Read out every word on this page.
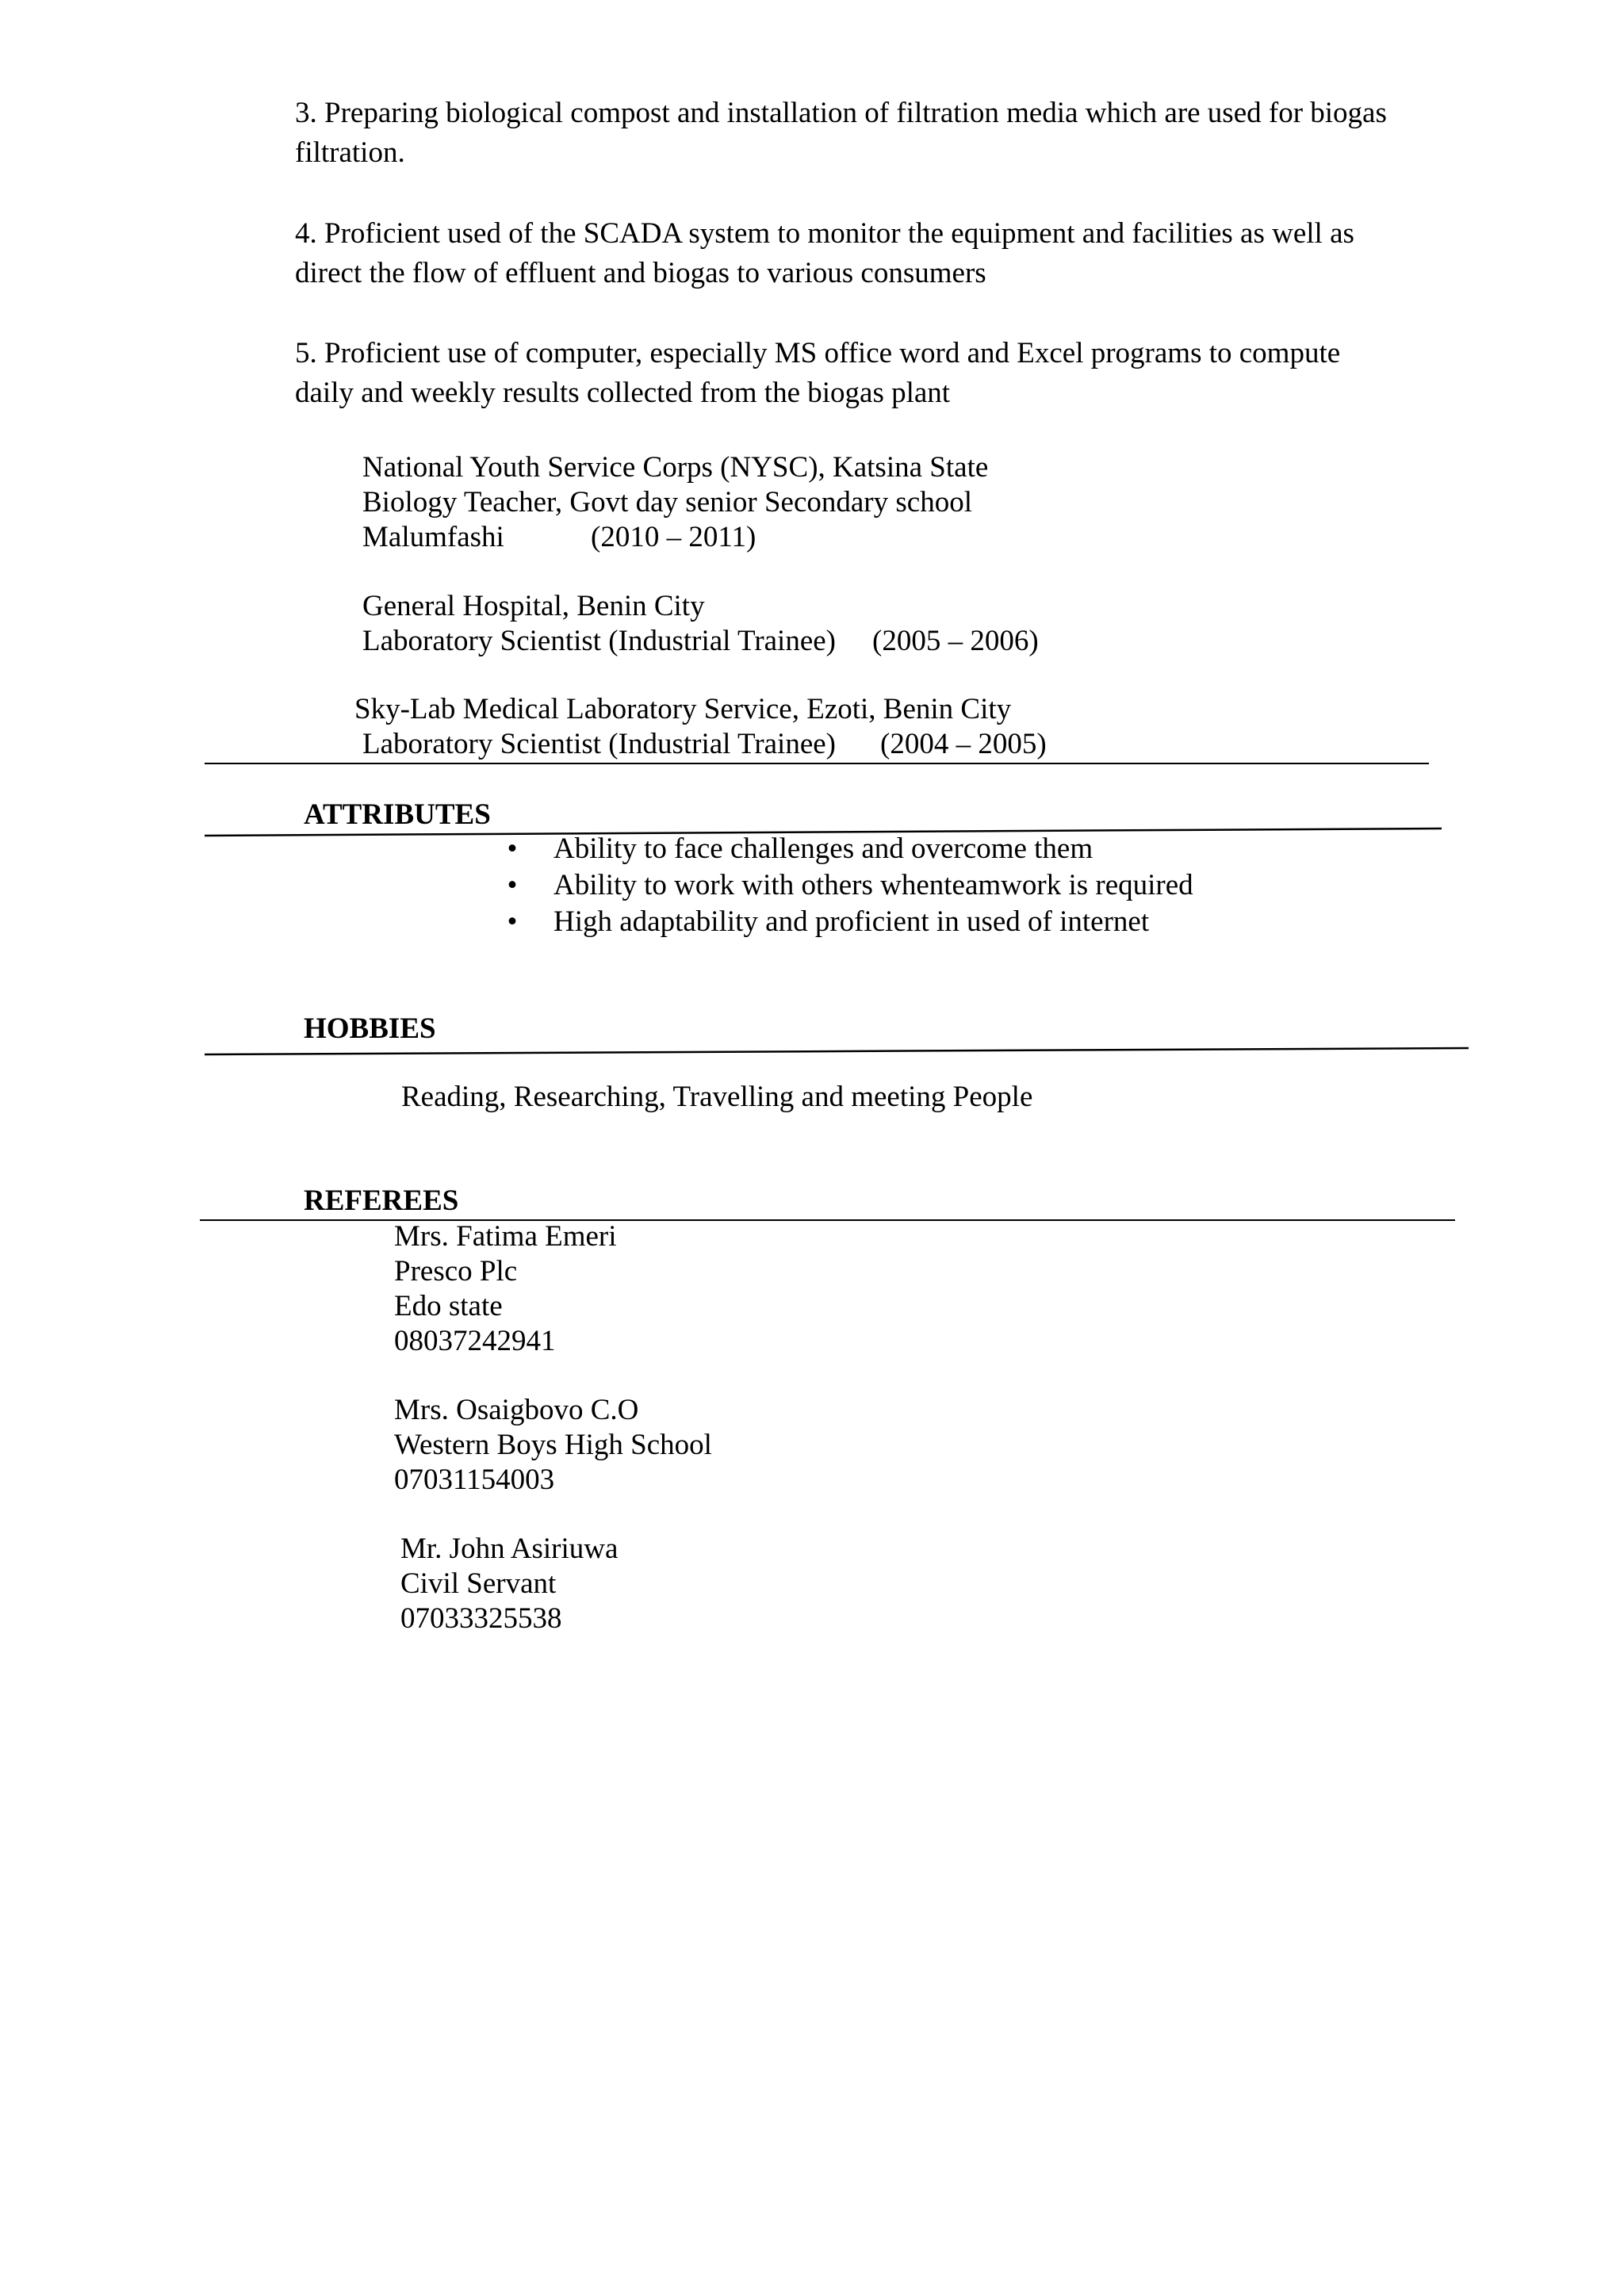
3. Preparing biological compost and installation of filtration media which are used for biogas
filtration.
4. Proficient used of the SCADA system to monitor the equipment and facilities as well as
direct the flow of effluent and biogas to various consumers
5. Proficient use of computer, especially MS office word and Excel programs to compute
daily and weekly results collected from the biogas plant
National Youth Service Corps (NYSC), Katsina State
Biology Teacher, Govt day senior Secondary school
Malumfashi	(2010 – 2011)
General Hospital, Benin City
Laboratory Scientist (Industrial Trainee) (2005 – 2006)
Sky-Lab Medical Laboratory Service, Ezoti, Benin City
Laboratory Scientist (Industrial Trainee) (2004 – 2005)
ATTRIBUTES
• Ability to face challenges and overcome them
• Ability to work with others whenteamwork is required
• High adaptability and proficient in used of internet
HOBBIES
Reading, Researching, Travelling and meeting People
REFEREES
Mrs. Fatima Emeri
Presco Plc
Edo state
08037242941
Mrs. Osaigbovo C.O
Western Boys High School
07031154003
Mr. John Asiriuwa
Civil Servant
07033325538
